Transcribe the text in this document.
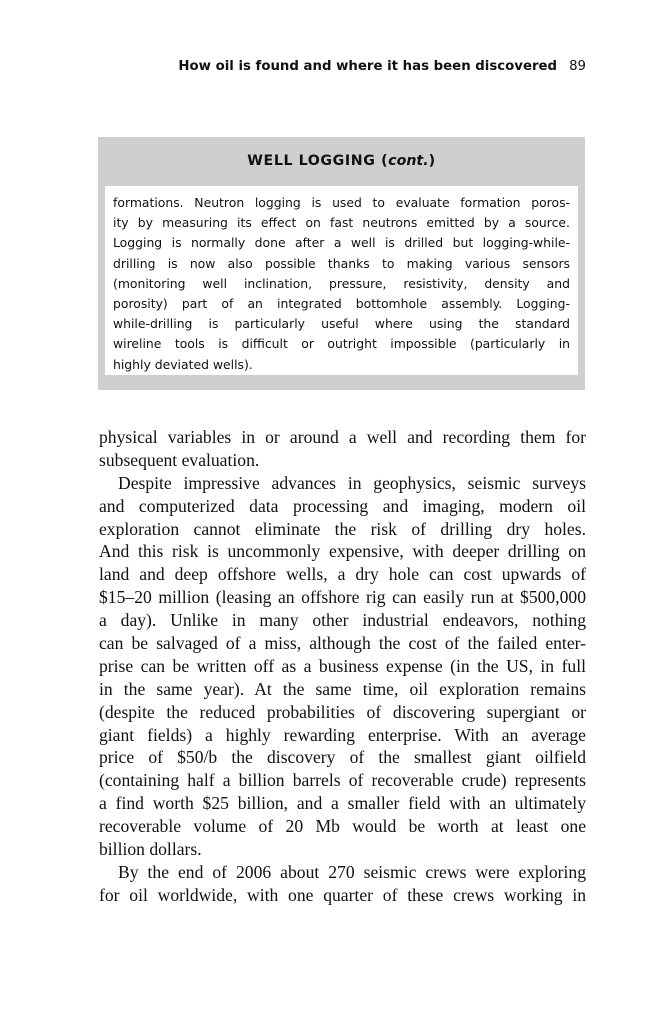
How oil is found and where it has been discovered 89
WELL LOGGING (cont.)
formations. Neutron logging is used to evaluate formation poros-
ity by measuring its effect on fast neutrons emitted by a source.
Logging is normally done after a well is drilled but logging-while-
drilling is now also possible thanks to making various sensors
(monitoring well inclination, pressure, resistivity, density and
porosity) part of an integrated bottomhole assembly. Logging-
while-drilling is particularly useful where using the standard
wireline tools is difficult or outright impossible (particularly in
highly deviated wells).
physical variables in or around a well and recording them for
subsequent evaluation.
Despite impressive advances in geophysics, seismic surveys
and computerized data processing and imaging, modern oil
exploration cannot eliminate the risk of drilling dry holes.
And this risk is uncommonly expensive, with deeper drilling on
land and deep offshore wells, a dry hole can cost upwards of
$15–20 million (leasing an offshore rig can easily run at $500,000
a day). Unlike in many other industrial endeavors, nothing
can be salvaged of a miss, although the cost of the failed enter-
prise can be written off as a business expense (in the US, in full
in the same year). At the same time, oil exploration remains
(despite the reduced probabilities of discovering supergiant or
giant fields) a highly rewarding enterprise. With an average
price of $50/b the discovery of the smallest giant oilfield
(containing half a billion barrels of recoverable crude) represents
a find worth $25 billion, and a smaller field with an ultimately
recoverable volume of 20 Mb would be worth at least one
billion dollars.
By the end of 2006 about 270 seismic crews were exploring
for oil worldwide, with one quarter of these crews working in
